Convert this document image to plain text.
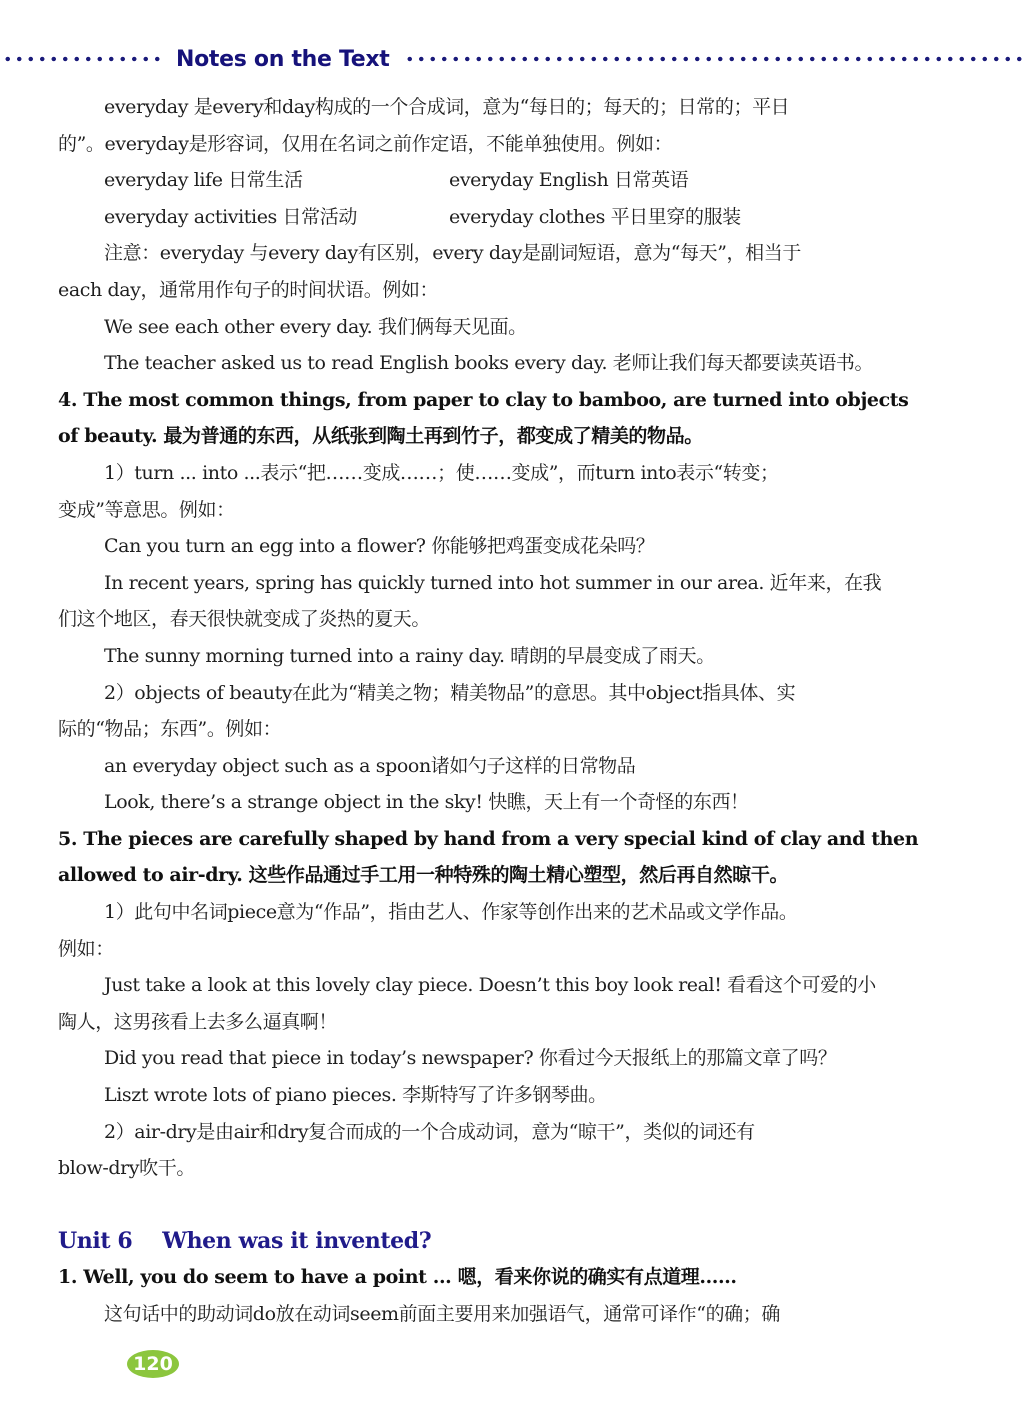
Notes on the Text
everyday 是every和day构成的一个合成词，意为“每日的；每天的；日常的；平日
的”。everyday是形容词，仅用在名词之前作定语，不能单独使用。例如：
everyday life 日常生活	everyday English 日常英语
everyday activities 日常活动	everyday clothes 平日里穿的服装
注意：everyday 与every day有区别，every day是副词短语，意为“每天”，相当于
each day，通常用作句子的时间状语。例如：
We see each other every day. 我们俩每天见面。
The teacher asked us to read English books every day. 老师让我们每天都要读英语书。
4. The most common things, from paper to clay to bamboo, are turned into objects
of beauty. 最为普通的东西，从纸张到陶土再到竹子，都变成了精美的物品。
1）turn ... into ...表示“把……变成……；使……变成”，而turn into表示“转变；
变成”等意思。例如：
Can you turn an egg into a flower? 你能够把鸡蛋变成花朵吗？
In recent years, spring has quickly turned into hot summer in our area. 近年来，在我
们这个地区，春天很快就变成了炎热的夏天。
The sunny morning turned into a rainy day. 晴朗的早晨变成了雨天。
2）objects of beauty在此为“精美之物；精美物品”的意思。其中object指具体、实
际的“物品；东西”。例如：
an everyday object such as a spoon诸如勺子这样的日常物品
Look, there’s a strange object in the sky! 快瞧，天上有一个奇怪的东西！
5. The pieces are carefully shaped by hand from a very special kind of clay and then
allowed to air-dry. 这些作品通过手工用一种特殊的陶土精心塑型，然后再自然晾干。
1）此句中名词piece意为“作品”，指由艺人、作家等创作出来的艺术品或文学作品。
例如：
Just take a look at this lovely clay piece. Doesn’t this boy look real! 看看这个可爱的小
陶人，这男孩看上去多么逼真啊！
Did you read that piece in today’s newspaper? 你看过今天报纸上的那篇文章了吗？
Liszt wrote lots of piano pieces. 李斯特写了许多钢琴曲。
2）air-dry是由air和dry复合而成的一个合成动词，意为“晾干”，类似的词还有
blow-dry吹干。
Unit 6 When was it invented?
1. Well, you do seem to have a point ... 嗯，看来你说的确实有点道理……
这句话中的助动词do放在动词seem前面主要用来加强语气，通常可译作“的确；确
120
